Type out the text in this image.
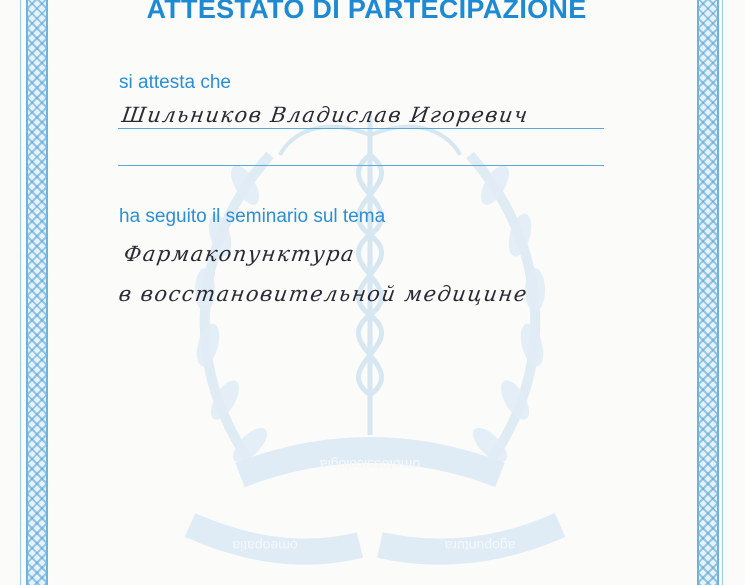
omotossicologia
omeopatia	agopuntura
ATTESTATO DI PARTECIPAZIONE
si attesta che
Шильников Владислав Игоревич
ha seguito il seminario sul tema
Фармакопунктура
в восстановительной медицине
